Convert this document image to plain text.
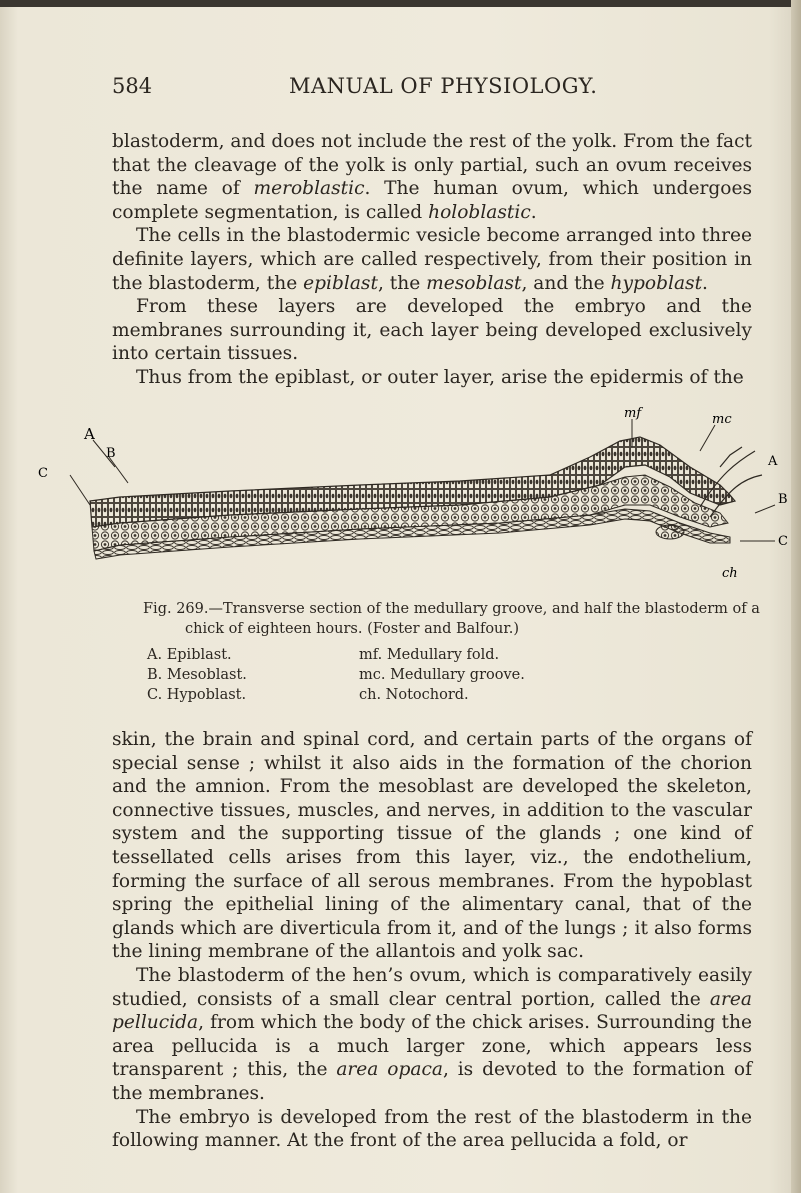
584	MANUAL OF PHYSIOLOGY.

blastoderm, and does not include the rest of the yolk. From the fact that the cleavage of the yolk is only partial, such an ovum receives the name of meroblastic. The human ovum, which undergoes complete segmentation, is called holoblastic.

The cells in the blastodermic vesicle become arranged into three definite layers, which are called respectively, from their position in the blastoderm, the epiblast, the mesoblast, and the hypoblast.

From these layers are developed the embryo and the membranes surrounding it, each layer being developed exclusively into certain tissues.

Thus from the epiblast, or outer layer, arise the epidermis of the

A
B
C
mf	mc
A
B
C
ch
Fig. 269.—Transverse section of the medullary groove, and half the blastoderm of a
chick of eighteen hours. (Foster and Balfour.)
A. Epiblast.
B. Mesoblast.
C. Hypoblast.
mf. Medullary fold.
mc. Medullary groove.
ch. Notochord.

skin, the brain and spinal cord, and certain parts of the organs of special sense ; whilst it also aids in the formation of the chorion and the amnion. From the mesoblast are developed the skeleton, connective tissues, muscles, and nerves, in addition to the vascular system and the supporting tissue of the glands ; one kind of tessellated cells arises from this layer, viz., the endothelium, forming the surface of all serous membranes. From the hypoblast spring the epithelial lining of the alimentary canal, that of the glands which are diverticula from it, and of the lungs ; it also forms the lining membrane of the allantois and yolk sac.

The blastoderm of the hen’s ovum, which is comparatively easily studied, consists of a small clear central portion, called the area pellucida, from which the body of the chick arises. Surrounding the area pellucida is a much larger zone, which appears less transparent ; this, the area opaca, is devoted to the formation of the membranes.

The embryo is developed from the rest of the blastoderm in the following manner. At the front of the area pellucida a fold, or
